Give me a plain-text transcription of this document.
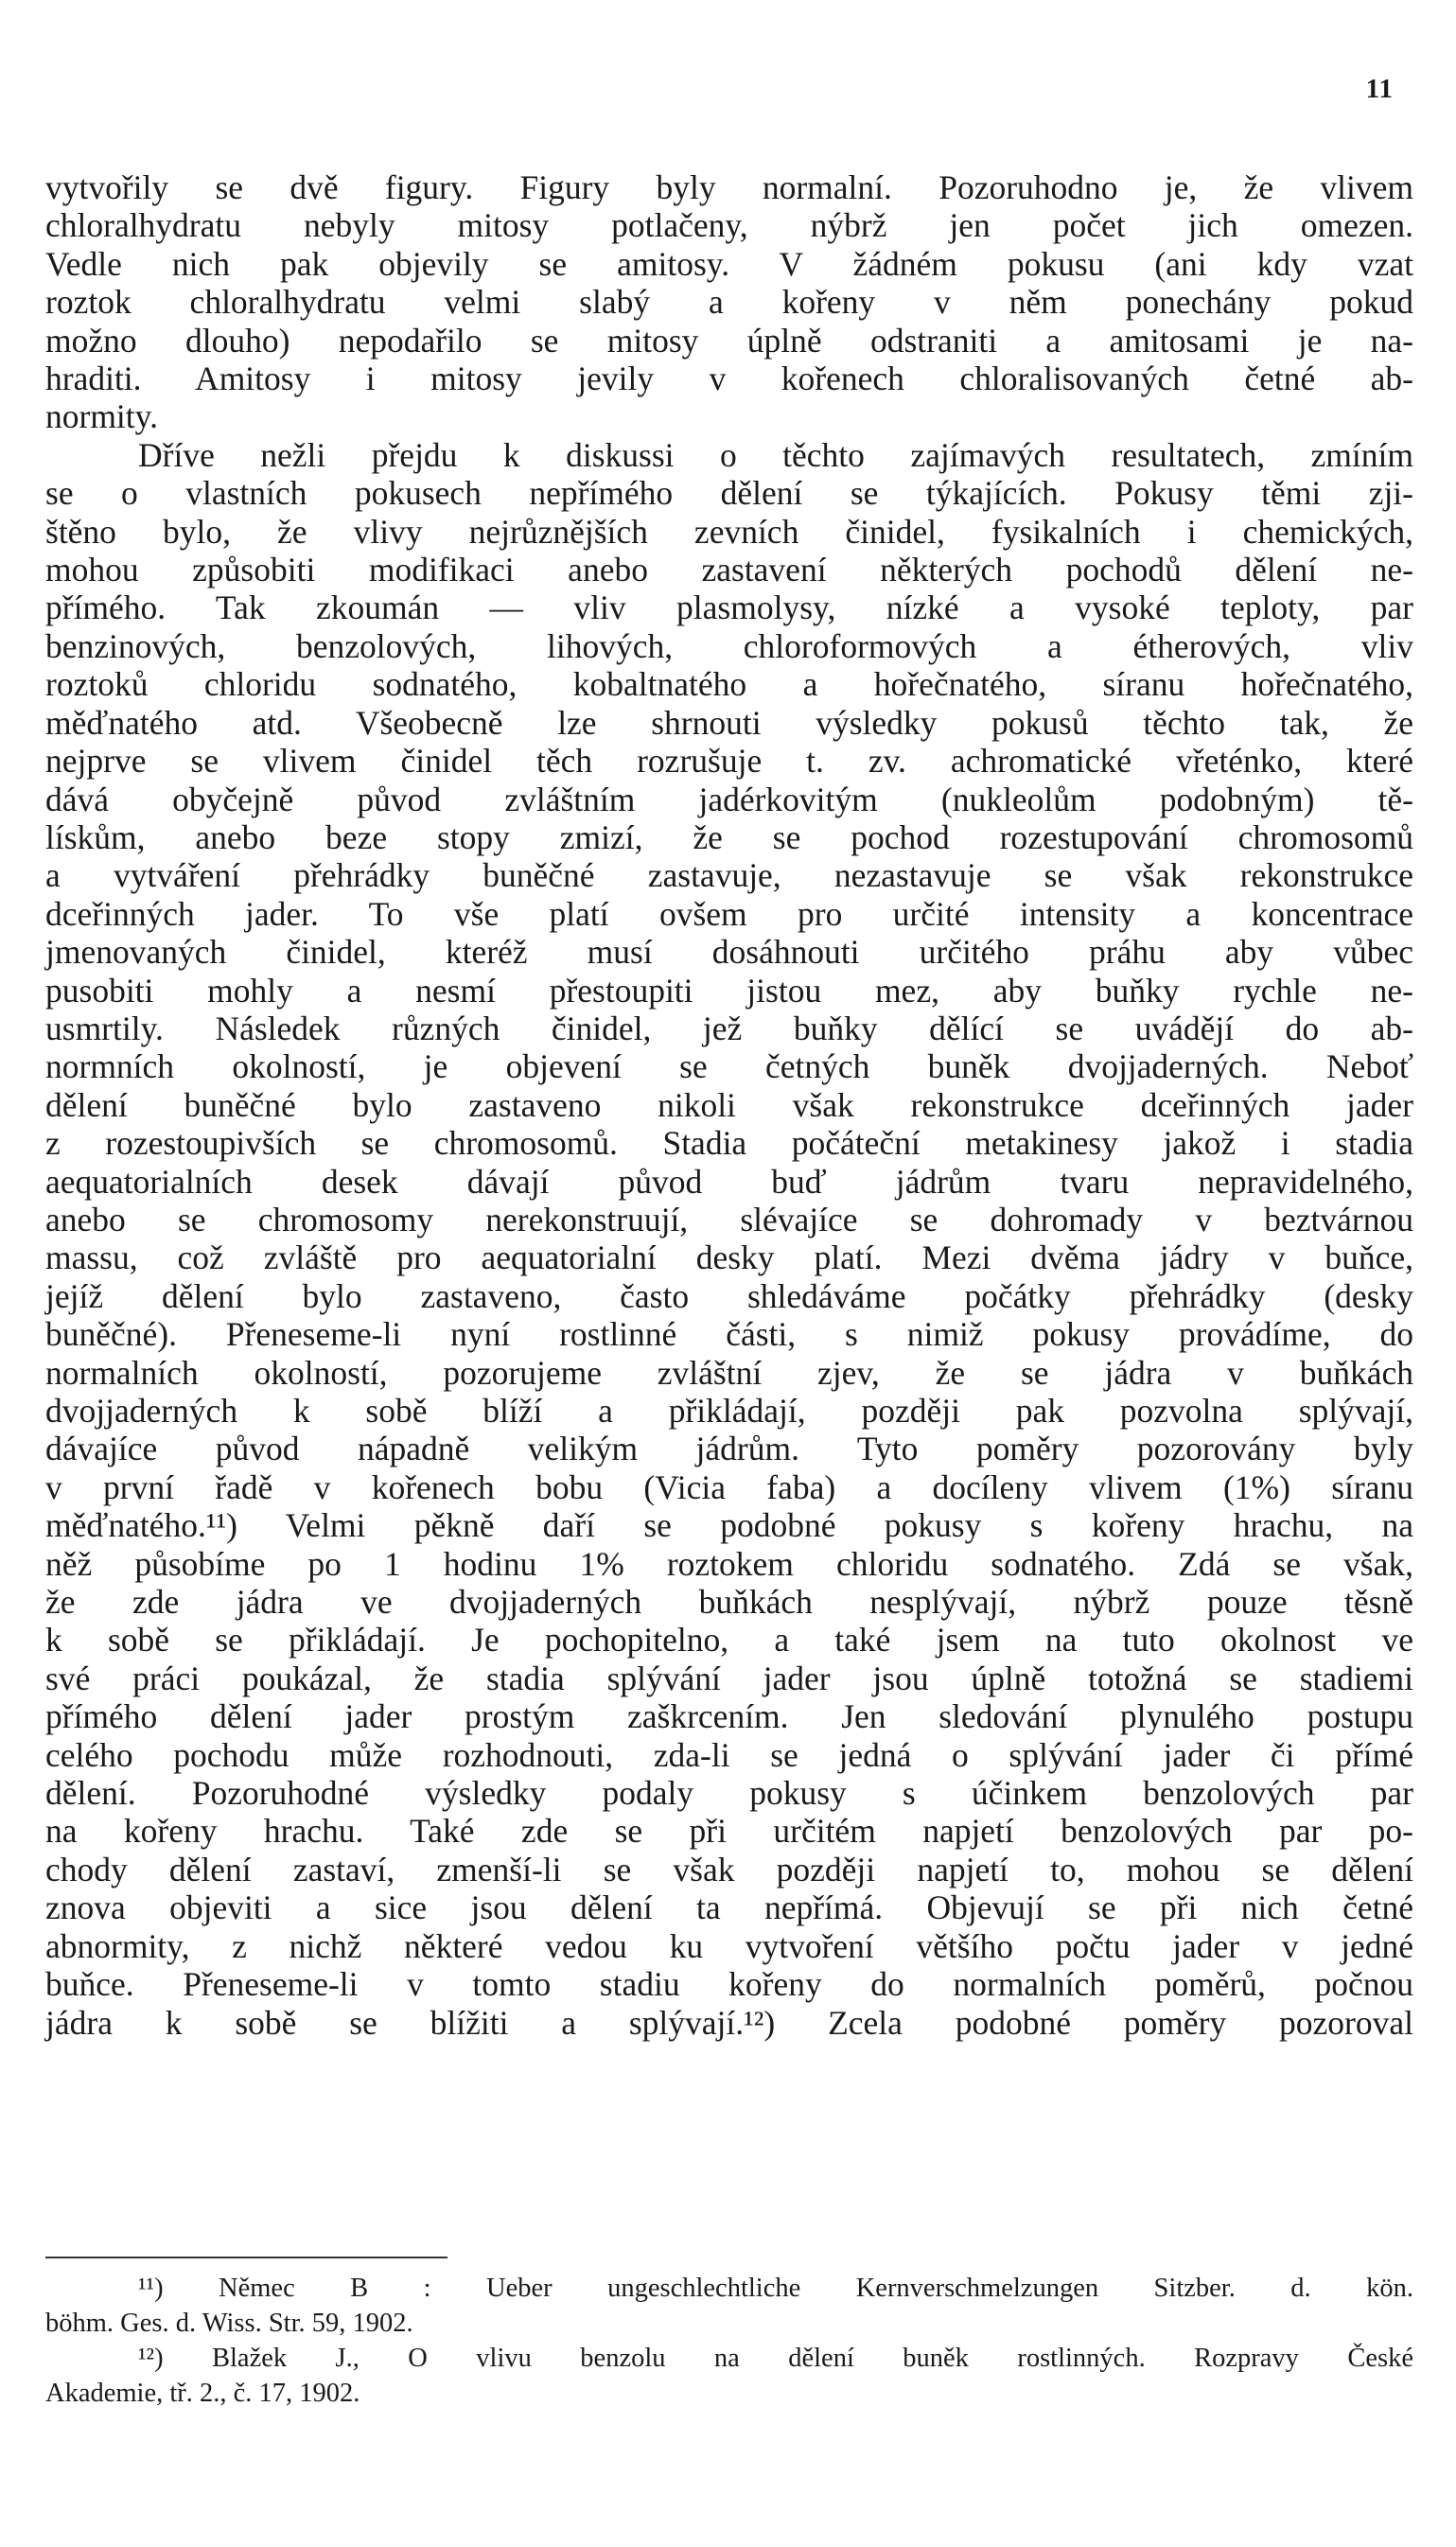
11
vytvořily se dvě figury. Figury byly normalní. Pozoruhodno je, že vlivem
chloralhydratu nebyly mitosy potlačeny, nýbrž jen počet jich omezen.
Vedle nich pak objevily se amitosy. V žádném pokusu (ani kdy vzat
roztok chloralhydratu velmi slabý a kořeny v něm ponechány pokud
možno dlouho) nepodařilo se mitosy úplně odstraniti a amitosami je na-
hraditi. Amitosy i mitosy jevily v kořenech chloralisovaných četné ab-
normity.
Dříve nežli přejdu k diskussi o těchto zajímavých resultatech, zmíním
se o vlastních pokusech nepřímého dělení se týkajících. Pokusy těmi zji-
štěno bylo, že vlivy nejrůznějších zevních činidel, fysikalních i chemických,
mohou způsobiti modifikaci anebo zastavení některých pochodů dělení ne-
přímého. Tak zkoumán — vliv plasmolysy, nízké a vysoké teploty, par
benzinových, benzolových, lihových, chloroformových a étherových, vliv
roztoků chloridu sodnatého, kobaltnatého a hořečnatého, síranu hořečnatého,
měďnatého atd. Všeobecně lze shrnouti výsledky pokusů těchto tak, že
nejprve se vlivem činidel těch rozrušuje t. zv. achromatické vřeténko, které
dává obyčejně původ zvláštním jadérkovitým (nukleolům podobným) tě-
lískům, anebo beze stopy zmizí, že se pochod rozestupování chromosomů
a vytváření přehrádky buněčné zastavuje, nezastavuje se však rekonstrukce
dceřinných jader. To vše platí ovšem pro určité intensity a koncentrace
jmenovaných činidel, kteréž musí dosáhnouti určitého práhu aby vůbec
pusobiti mohly a nesmí přestoupiti jistou mez, aby buňky rychle ne-
usmrtily. Následek různých činidel, jež buňky dělící se uvádějí do ab-
normních okolností, je objevení se četných buněk dvojjaderných. Neboť
dělení buněčné bylo zastaveno nikoli však rekonstrukce dceřinných jader
z rozestoupivších se chromosomů. Stadia počáteční metakinesy jakož i stadia
aequatorialních desek dávají původ buď jádrům tvaru nepravidelného,
anebo se chromosomy nerekonstruují, slévajíce se dohromady v beztvárnou
massu, což zvláště pro aequatorialní desky platí. Mezi dvěma jádry v buňce,
jejíž dělení bylo zastaveno, často shledáváme počátky přehrádky (desky
buněčné). Přeneseme-li nyní rostlinné části, s nimiž pokusy provádíme, do
normalních okolností, pozorujeme zvláštní zjev, že se jádra v buňkách
dvojjaderných k sobě blíží a přikládají, později pak pozvolna splývají,
dávajíce původ nápadně velikým jádrům. Tyto poměry pozorovány byly
v první řadě v kořenech bobu (Vicia faba) a docíleny vlivem (1%) síranu
měďnatého.¹¹) Velmi pěkně daří se podobné pokusy s kořeny hrachu, na
něž působíme po 1 hodinu 1% roztokem chloridu sodnatého. Zdá se však,
že zde jádra ve dvojjaderných buňkách nesplývají, nýbrž pouze těsně
k sobě se přikládají. Je pochopitelno, a také jsem na tuto okolnost ve
své práci poukázal, že stadia splývání jader jsou úplně totožná se stadiemi
přímého dělení jader prostým zaškrcením. Jen sledování plynulého postupu
celého pochodu může rozhodnouti, zda-li se jedná o splývání jader či přímé
dělení. Pozoruhodné výsledky podaly pokusy s účinkem benzolových par
na kořeny hrachu. Také zde se při určitém napjetí benzolových par po-
chody dělení zastaví, zmenší-li se však později napjetí to, mohou se dělení
znova objeviti a sice jsou dělení ta nepřímá. Objevují se při nich četné
abnormity, z nichž některé vedou ku vytvoření většího počtu jader v jedné
buňce. Přeneseme-li v tomto stadiu kořeny do normalních poměrů, počnou
jádra k sobě se blížiti a splývají.¹²) Zcela podobné poměry pozoroval
¹¹) Němec B : Ueber ungeschlechtliche Kernverschmelzungen Sitzber. d. kön.
böhm. Ges. d. Wiss. Str. 59, 1902.
¹²) Blažek J., O vlivu benzolu na dělení buněk rostlinných. Rozpravy České
Akademie, tř. 2., č. 17, 1902.
